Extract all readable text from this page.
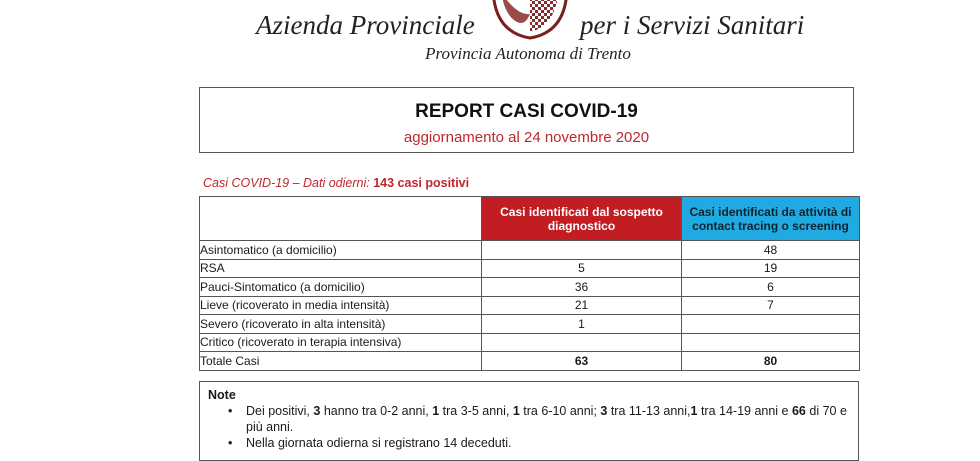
Azienda Provinciale	per i Servizi Sanitari
Provincia Autonoma di Trento
REPORT CASI COVID-19
aggiornamento al 24 novembre 2020
Casi COVID-19 – Dati odierni: 143 casi positivi
	Casi identificati dal sospetto diagnostico	Casi identificati da attività di contact tracing o screening
Asintomatico (a domicilio)		48
RSA	5	19
Pauci-Sintomatico (a domicilio)	36	6
Lieve (ricoverato in media intensità)	21	7
Severo (ricoverato in alta intensità)	1	
Critico (ricoverato in terapia intensiva)		
Totale Casi	63	80
Note
• Dei positivi, 3 hanno tra 0-2 anni, 1 tra 3-5 anni, 1 tra 6-10 anni; 3 tra 11-13 anni,1 tra 14-19 anni e 66 di 70 e più anni.
• Nella giornata odierna si registrano 14 deceduti.
